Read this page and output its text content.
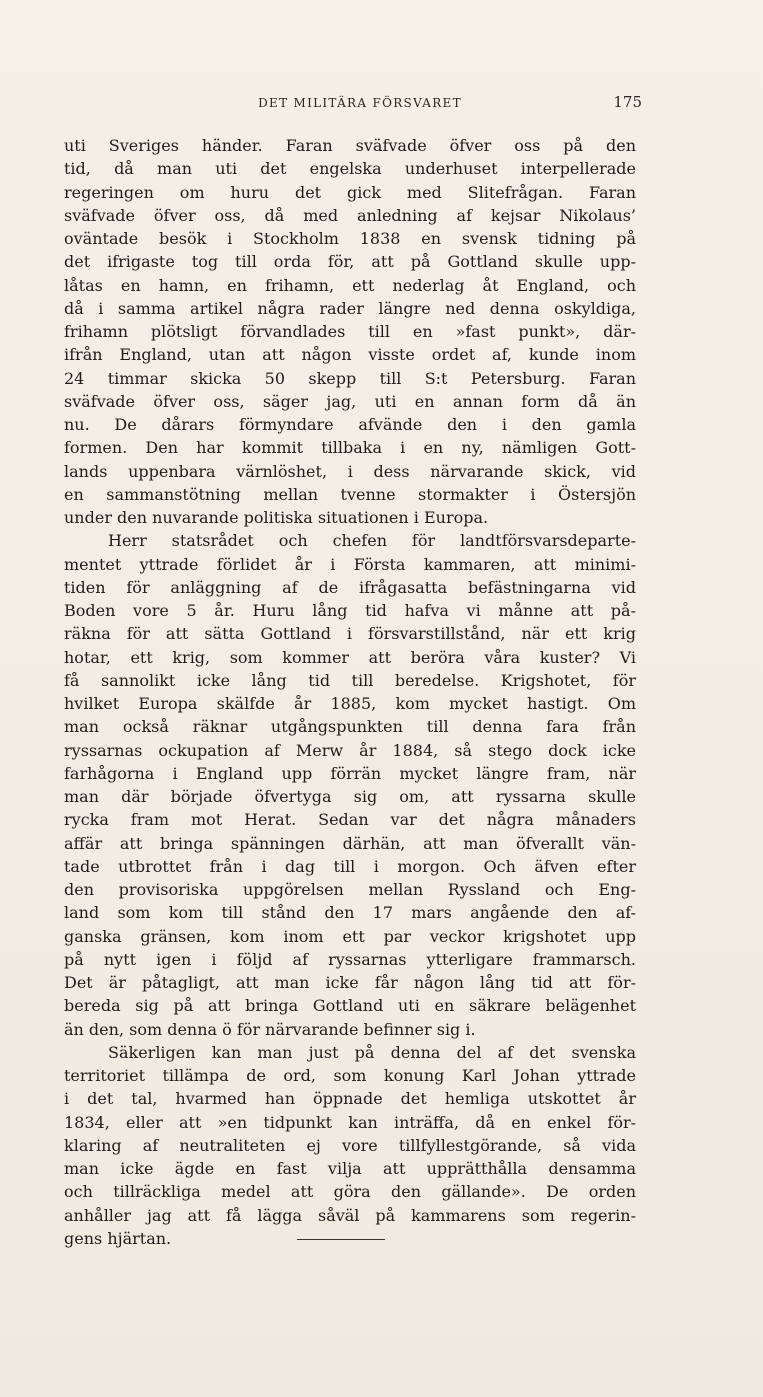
DET MILITÄRA FÖRSVARET	175
uti Sveriges händer. Faran sväfvade öfver oss på den
tid, då man uti det engelska underhuset interpellerade
regeringen om huru det gick med Slitefrågan. Faran
sväfvade öfver oss, då med anledning af kejsar Nikolaus’
oväntade besök i Stockholm 1838 en svensk tidning på
det ifrigaste tog till orda för, att på Gottland skulle upp-
låtas en hamn, en frihamn, ett nederlag åt England, och
då i samma artikel några rader längre ned denna oskyldiga,
frihamn plötsligt förvandlades till en »fast punkt», där-
ifrån England, utan att någon visste ordet af, kunde inom
24 timmar skicka 50 skepp till S:t Petersburg. Faran
sväfvade öfver oss, säger jag, uti en annan form då än
nu. De dårars förmyndare afvände den i den gamla
formen. Den har kommit tillbaka i en ny, nämligen Gott-
lands uppenbara värnlöshet, i dess närvarande skick, vid
en sammanstötning mellan tvenne stormakter i Östersjön
under den nuvarande politiska situationen i Europa.
Herr statsrådet och chefen för landtförsvarsdeparte-
mentet yttrade förlidet år i Första kammaren, att minimi-
tiden för anläggning af de ifrågasatta befästningarna vid
Boden vore 5 år. Huru lång tid hafva vi månne att på-
räkna för att sätta Gottland i försvarstillstånd, när ett krig
hotar, ett krig, som kommer att beröra våra kuster? Vi
få sannolikt icke lång tid till beredelse. Krigshotet, för
hvilket Europa skälfde år 1885, kom mycket hastigt. Om
man också räknar utgångspunkten till denna fara från
ryssarnas ockupation af Merw år 1884, så stego dock icke
farhågorna i England upp förrän mycket längre fram, när
man där började öfvertyga sig om, att ryssarna skulle
rycka fram mot Herat. Sedan var det några månaders
affär att bringa spänningen därhän, att man öfverallt vän-
tade utbrottet från i dag till i morgon. Och äfven efter
den provisoriska uppgörelsen mellan Ryssland och Eng-
land som kom till stånd den 17 mars angående den af-
ganska gränsen, kom inom ett par veckor krigshotet upp
på nytt igen i följd af ryssarnas ytterligare frammarsch.
Det är påtagligt, att man icke får någon lång tid att för-
bereda sig på att bringa Gottland uti en säkrare belägenhet
än den, som denna ö för närvarande befinner sig i.
Säkerligen kan man just på denna del af det svenska
territoriet tillämpa de ord, som konung Karl Johan yttrade
i det tal, hvarmed han öppnade det hemliga utskottet år
1834, eller att »en tidpunkt kan inträffa, då en enkel för-
klaring af neutraliteten ej vore tillfyllestgörande, så vida
man icke ägde en fast vilja att upprätthålla densamma
och tillräckliga medel att göra den gällande». De orden
anhåller jag att få lägga såväl på kammarens som regerin-
gens hjärtan.
